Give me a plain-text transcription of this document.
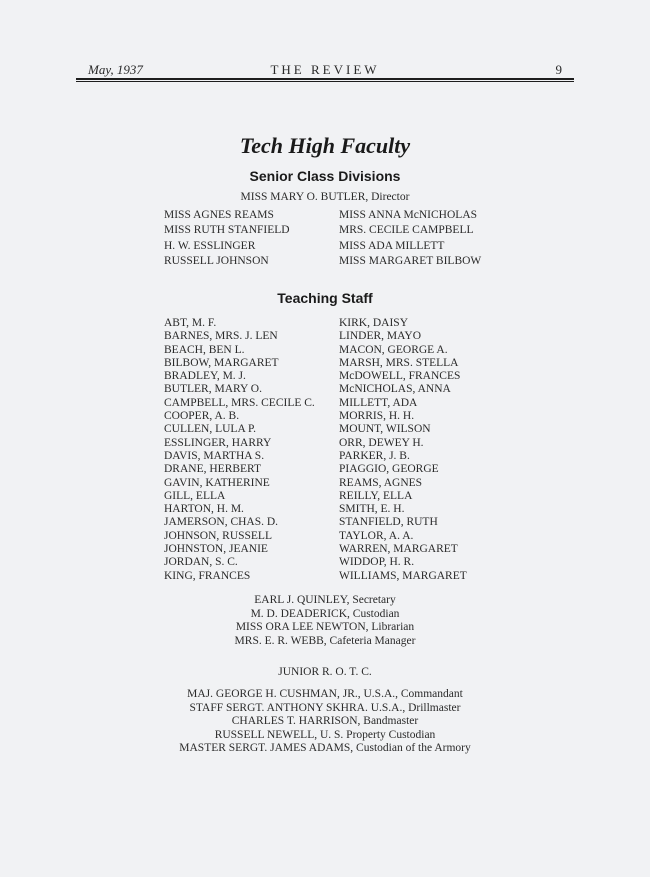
May, 1937	THE REVIEW	9
Tech High Faculty
Senior Class Divisions
MISS MARY O. BUTLER, Director
MISS AGNES REAMS
MISS RUTH STANFIELD
H. W. ESSLINGER
RUSSELL JOHNSON
MISS ANNA McNICHOLAS
MRS. CECILE CAMPBELL
MISS ADA MILLETT
MISS MARGARET BILBOW
Teaching Staff
ABT, M. F.
BARNES, MRS. J. LEN
BEACH, BEN L.
BILBOW, MARGARET
BRADLEY, M. J.
BUTLER, MARY O.
CAMPBELL, MRS. CECILE C.
COOPER, A. B.
CULLEN, LULA P.
ESSLINGER, HARRY
DAVIS, MARTHA S.
DRANE, HERBERT
GAVIN, KATHERINE
GILL, ELLA
HARTON, H. M.
JAMERSON, CHAS. D.
JOHNSON, RUSSELL
JOHNSTON, JEANIE
JORDAN, S. C.
KING, FRANCES
KIRK, DAISY
LINDER, MAYO
MACON, GEORGE A.
MARSH, MRS. STELLA
McDOWELL, FRANCES
McNICHOLAS, ANNA
MILLETT, ADA
MORRIS, H. H.
MOUNT, WILSON
ORR, DEWEY H.
PARKER, J. B.
PIAGGIO, GEORGE
REAMS, AGNES
REILLY, ELLA
SMITH, E. H.
STANFIELD, RUTH
TAYLOR, A. A.
WARREN, MARGARET
WIDDOP, H. R.
WILLIAMS, MARGARET
EARL J. QUINLEY, Secretary
M. D. DEADERICK, Custodian
MISS ORA LEE NEWTON, Librarian
MRS. E. R. WEBB, Cafeteria Manager
JUNIOR R. O. T. C.
MAJ. GEORGE H. CUSHMAN, JR., U.S.A., Commandant
STAFF SERGT. ANTHONY SKHRA. U.S.A., Drillmaster
CHARLES T. HARRISON, Bandmaster
RUSSELL NEWELL, U. S. Property Custodian
MASTER SERGT. JAMES ADAMS, Custodian of the Armory
